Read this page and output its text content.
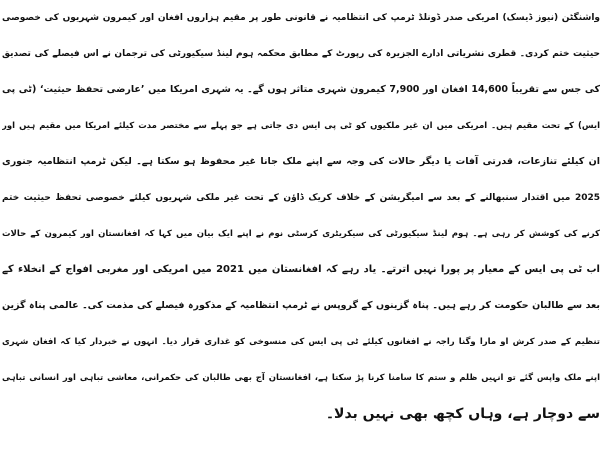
واشنگٹن (نیوز ڈیسک) امریکی صدر ڈونلڈ ٹرمپ کی انتظامیہ نے قانونی طور پر مقیم ہزاروں افغان اور کیمرون شہریوں کی خصوصی
حیثیت ختم کردی۔ قطری نشریاتی ادارے الجزیرہ کی رپورٹ کے مطابق محکمہ ہوم لینڈ سیکیورٹی کی ترجمان نے اس فیصلے کی تصدیق
کی جس سے تقریباً 14,600 افغان اور 7,900 کیمرون شہری متاثر ہوں گے۔ یہ شہری امریکا میں ’عارضی تحفظ حیثیت‘ (ٹی پی
ایس) کے تحت مقیم ہیں۔ امریکی میں ان غیر ملکیوں کو ٹی پی ایس دی جاتی ہے جو پہلے سے مختصر مدت کیلئے امریکا میں مقیم ہیں اور
ان کیلئے تنازعات، قدرتی آفات یا دیگر حالات کی وجہ سے اپنے ملک جانا غیر محفوظ ہو سکتا ہے۔ لیکن ٹرمپ انتظامیہ جنوری
2025 میں اقتدار سنبھالنے کے بعد سے امیگریشن کے خلاف کریک ڈاؤن کے تحت غیر ملکی شہریوں کیلئے خصوصی تحفظ حیثیت ختم
کرنے کی کوشش کر رہی ہے۔ ہوم لینڈ سیکیورٹی کی سیکریٹری کرسٹی نوم نے اپنے ایک بیان میں کہا کہ افغانستان اور کیمرون کے حالات
اب ٹی پی ایس کے معیار پر پورا نہیں اترتے۔ یاد رہے کہ افغانستان میں 2021 میں امریکی اور مغربی افواج کے انخلاء کے
بعد سے طالبان حکومت کر رہے ہیں۔ پناہ گزینوں کے گروپس نے ٹرمپ انتظامیہ کے مذکورہ فیصلے کی مذمت کی۔ عالمی پناہ گزین
تنظیم کے صدر کرش او مارا وگنا راجہ نے افغانوں کیلئے ٹی پی ایس کی منسوخی کو غداری قرار دیا۔ انہوں نے خبردار کیا کہ افغان شہری
اپنے ملک واپس گئے تو انہیں ظلم و ستم کا سامنا کرنا پڑ سکتا ہے، افغانستان آج بھی طالبان کی حکمرانی، معاشی تباہی اور انسانی تباہی
سے دوچار ہے، وہاں کچھ بھی نہیں بدلا۔
